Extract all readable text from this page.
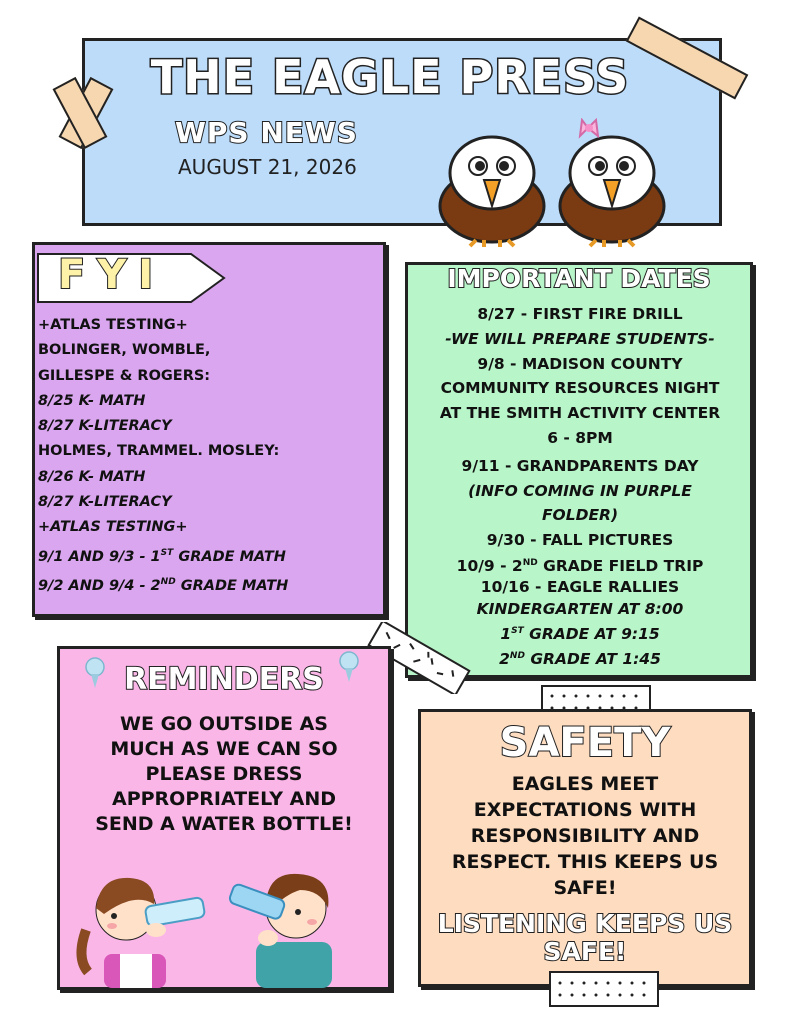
THE EAGLE PRESS
WPS NEWS
AUGUST 21, 2026
FYI
+ATLAS TESTING+
BOLINGER, WOMBLE,
GILLESPE & ROGERS:
8/25 K- MATH
8/27 K-LITERACY
HOLMES, TRAMMEL. MOSLEY:
8/26 K- MATH
8/27 K-LITERACY
+ATLAS TESTING+
9/1 AND 9/3 - 1ST GRADE MATH
9/2 AND 9/4 - 2ND GRADE MATH
IMPORTANT DATES
8/27 - FIRST FIRE DRILL
-WE WILL PREPARE STUDENTS-
9/8 - MADISON COUNTY
COMMUNITY RESOURCES NIGHT
AT THE SMITH ACTIVITY CENTER
6 - 8PM
9/11 - GRANDPARENTS DAY
(INFO COMING IN PURPLE
FOLDER)
9/30 - FALL PICTURES
10/9 - 2ND GRADE FIELD TRIP
10/16 - EAGLE RALLIES
KINDERGARTEN AT 8:00
1ST GRADE AT 9:15
2ND GRADE AT 1:45
REMINDERS
WE GO OUTSIDE AS
MUCH AS WE CAN SO
PLEASE DRESS
APPROPRIATELY AND
SEND A WATER BOTTLE!
SAFETY
EAGLES MEET
EXPECTATIONS WITH
RESPONSIBILITY AND
RESPECT. THIS KEEPS US
SAFE!
LISTENING KEEPS US
SAFE!
